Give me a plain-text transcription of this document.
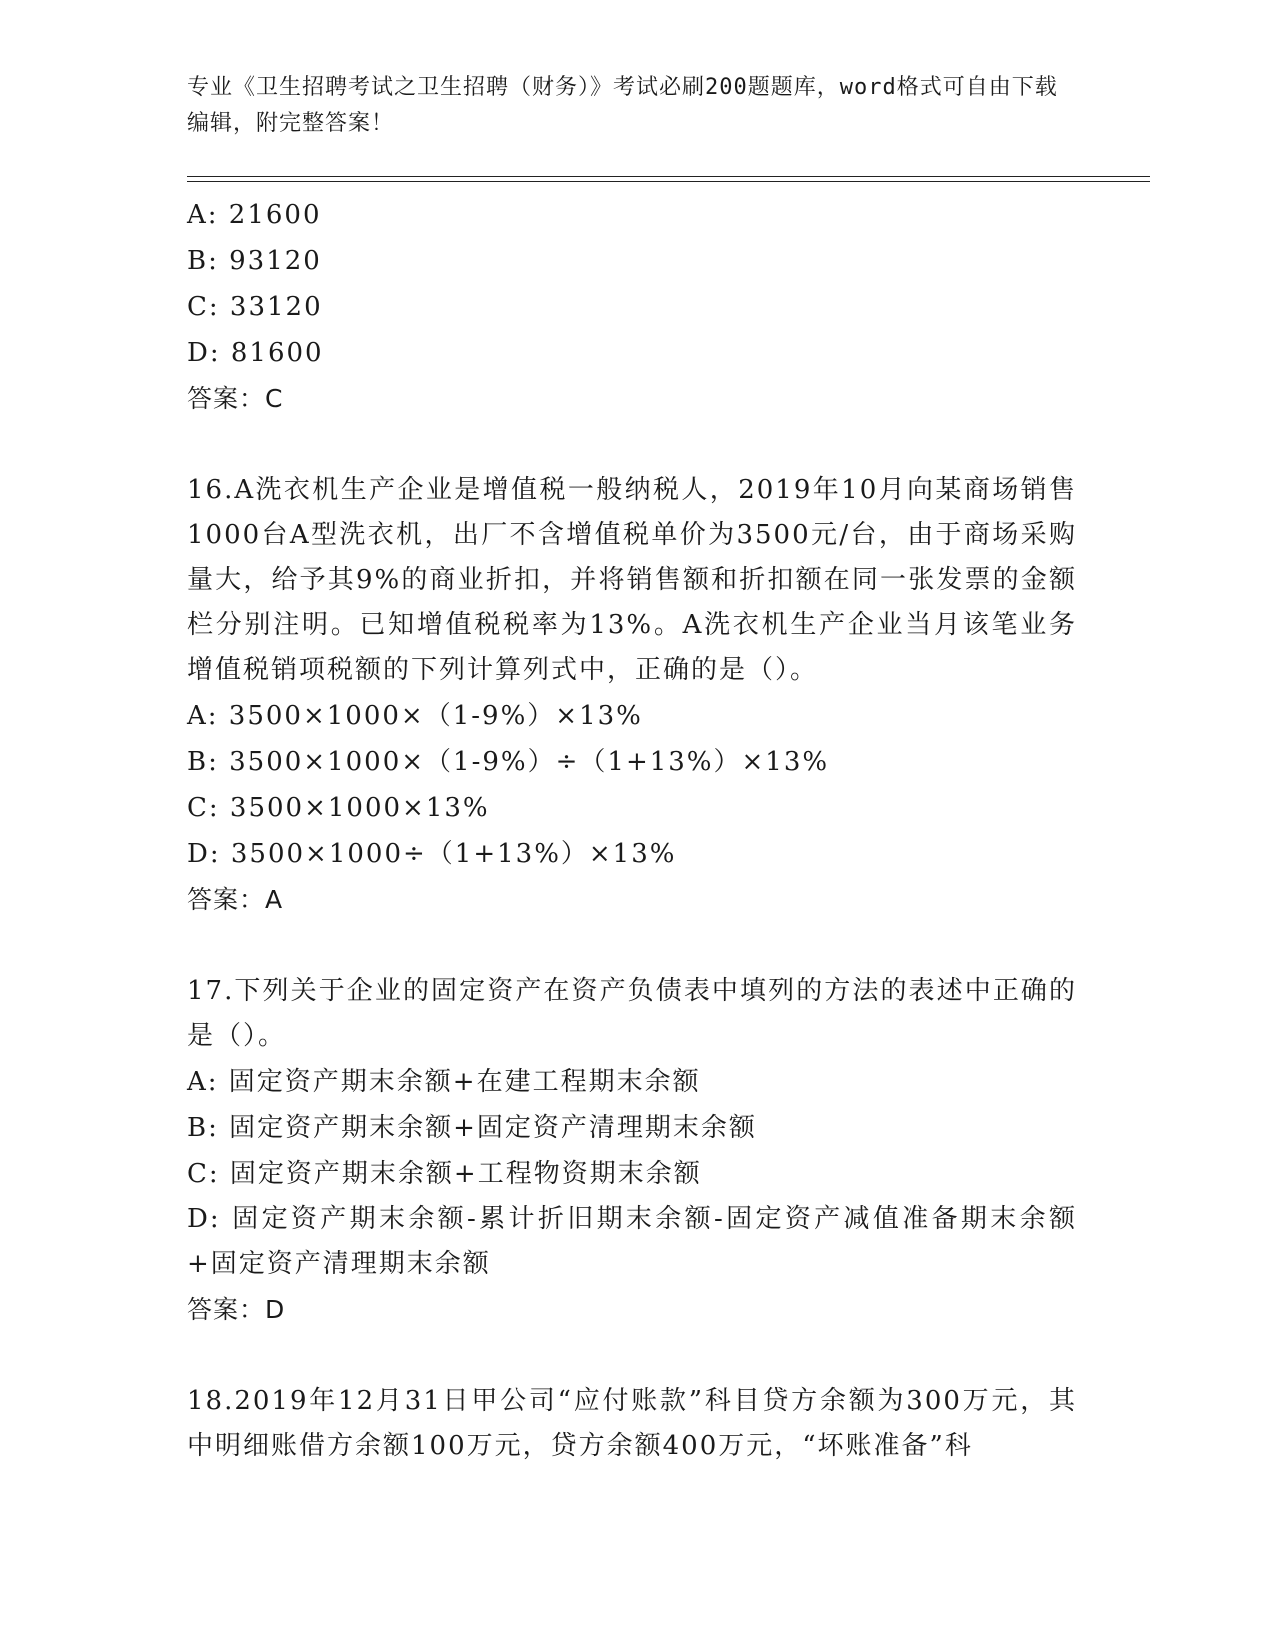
专业《卫生招聘考试之卫生招聘（财务）》考试必刷200题题库，word格式可自由下载编辑，附完整答案！
A: 21600
B: 93120
C: 33120
D: 81600
答案：C
16.A洗衣机生产企业是增值税一般纳税人，2019年10月向某商场销售1000台A型洗衣机，出厂不含增值税单价为3500元/台，由于商场采购量大，给予其9%的商业折扣，并将销售额和折扣额在同一张发票的金额栏分别注明。已知增值税税率为13%。A洗衣机生产企业当月该笔业务增值税销项税额的下列计算列式中，正确的是（）。
A: 3500×1000×（1-9%）×13%
B: 3500×1000×（1-9%）÷（1+13%）×13%
C: 3500×1000×13%
D: 3500×1000÷（1+13%）×13%
答案：A
17.下列关于企业的固定资产在资产负债表中填列的方法的表述中正确的是（）。
A: 固定资产期末余额+在建工程期末余额
B: 固定资产期末余额+固定资产清理期末余额
C: 固定资产期末余额+工程物资期末余额
D: 固定资产期末余额-累计折旧期末余额-固定资产减值准备期末余额+固定资产清理期末余额
答案：D
18.2019年12月31日甲公司“应付账款”科目贷方余额为300万元，其中明细账借方余额100万元，贷方余额400万元，“坏账准备”科
